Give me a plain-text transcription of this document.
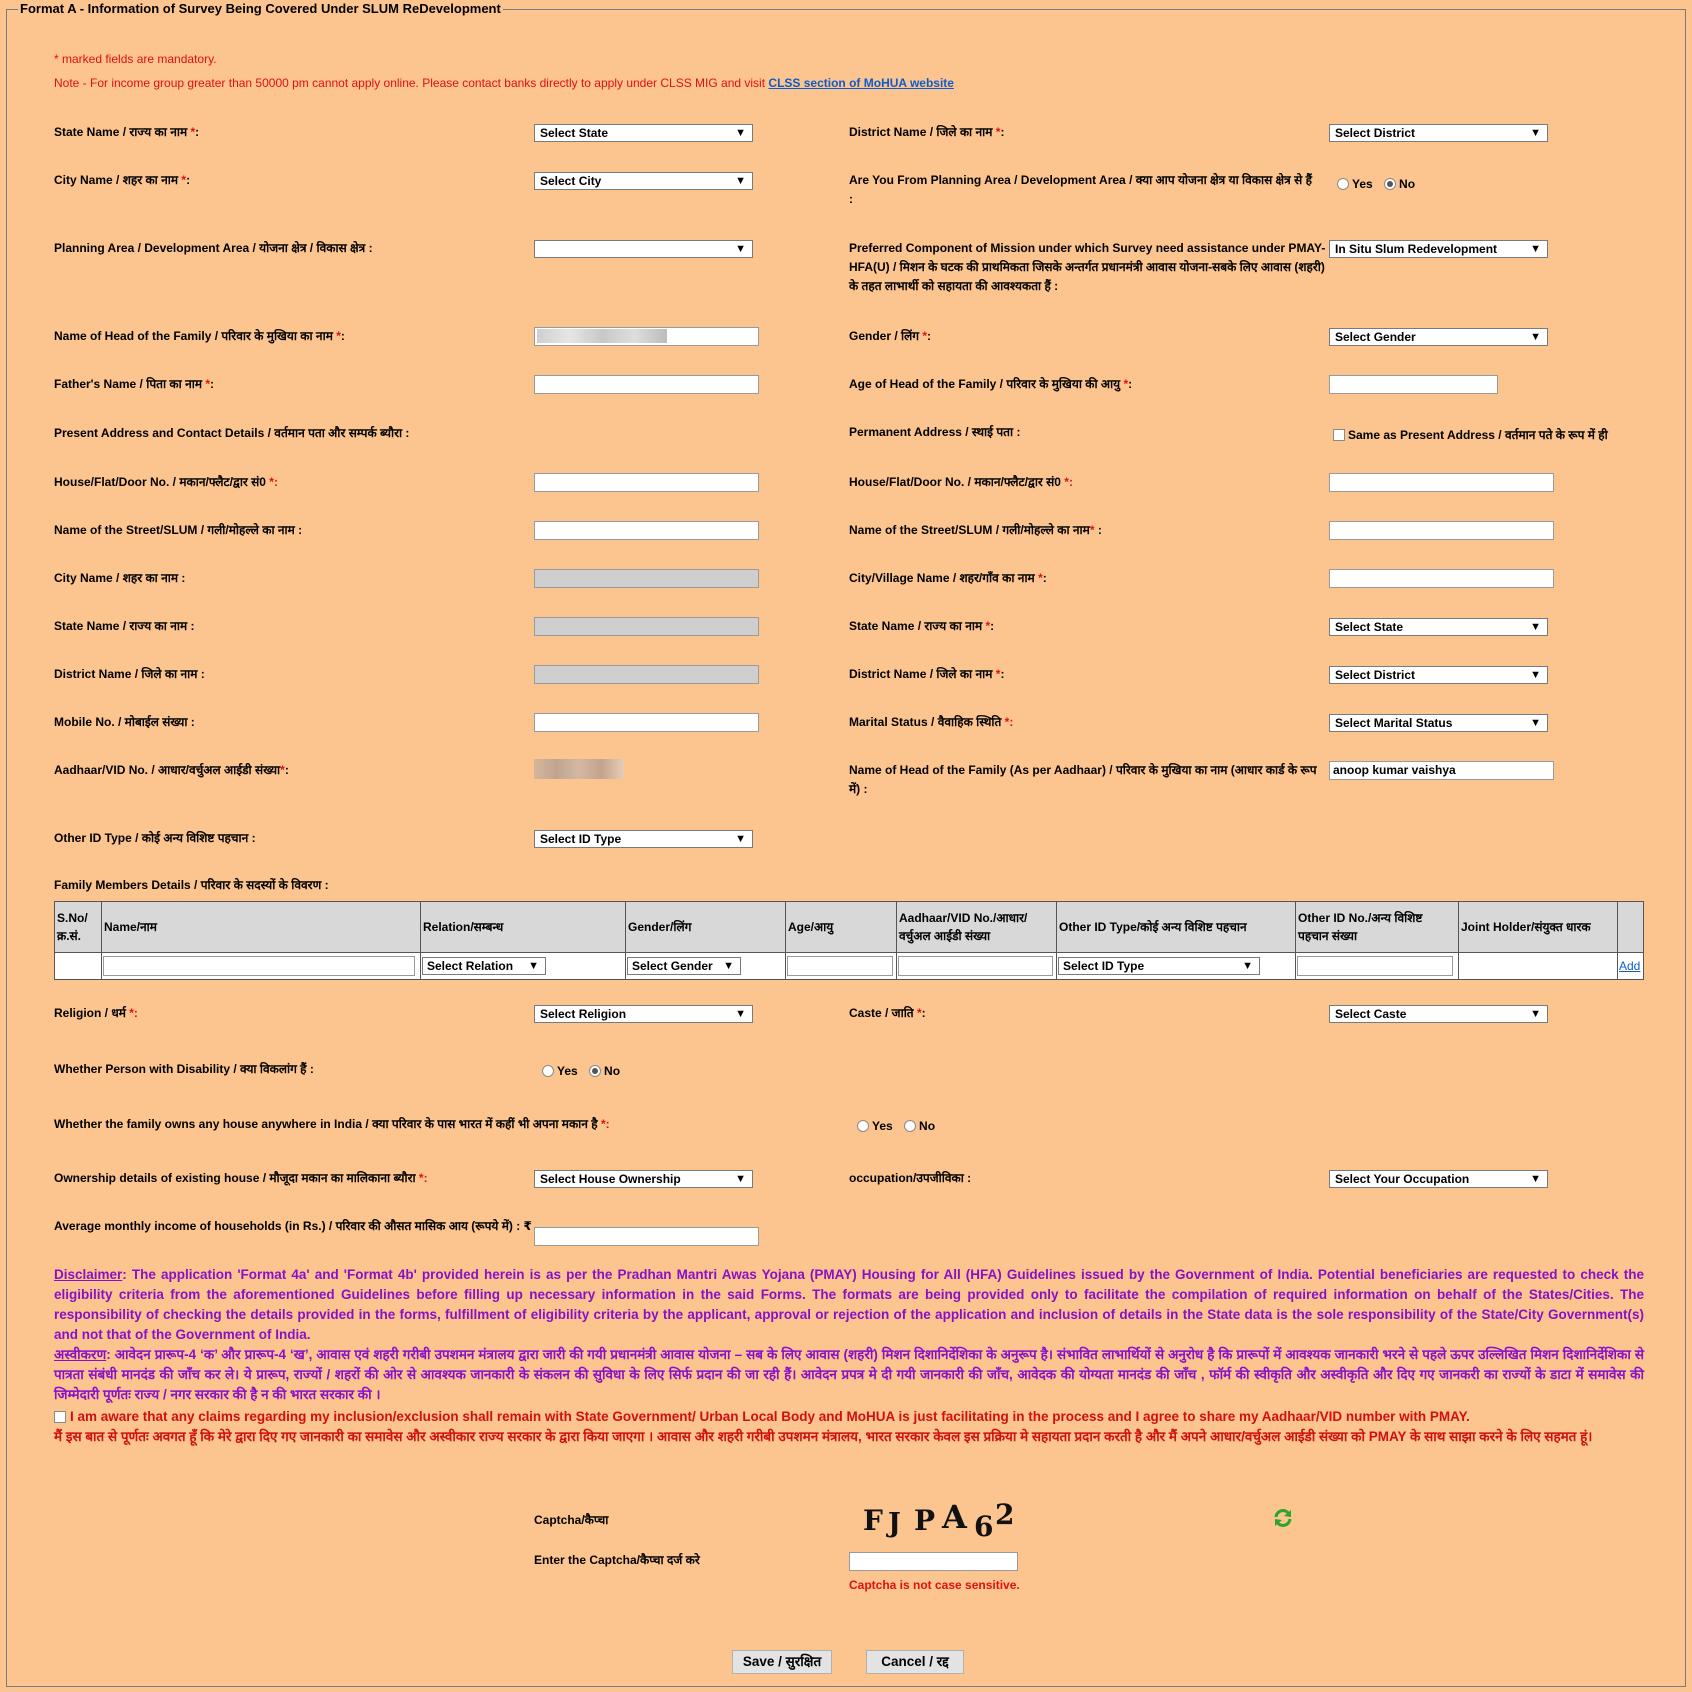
Format A - Information of Survey Being Covered Under SLUM ReDevelopment
* marked fields are mandatory.
Note - For income group greater than 50000 pm cannot apply online. Please contact banks directly to apply under CLSS MIG and visit CLSS section of MoHUA website
State Name / राज्य का नाम *:	Select State	▼	District Name / जिले का नाम *:	Select District	▼
City Name / शहर का नाम *:	Select City	▼	Are You From Planning Area / Development Area / क्या आप योजना क्षेत्र या विकास क्षेत्र से हैं :
Yes No
Planning Area / Development Area / योजना क्षेत्र / विकास क्षेत्र :	▼	Preferred Component of Mission under which Survey need assistance under PMAY-HFA(U) / मिशन के घटक की प्राथमिकता जिसके अन्तर्गत प्रधानमंत्री आवास योजना-सबके लिए आवास (शहरी) के तहत लाभार्थी को सहायता की आवश्यकता हैं :
In Situ Slum Redevelopment	▼
Name of Head of the Family / परिवार के मुखिया का नाम *:	Gender / लिंग *:	Select Gender	▼
Father's Name / पिता का नाम *:	Age of Head of the Family / परिवार के मुखिया की आयु *:
Present Address and Contact Details / वर्तमान पता और सम्पर्क ब्यौरा :	Permanent Address / स्थाई पता :	Same as Present Address / वर्तमान पते के रूप में ही
House/Flat/Door No. / मकान/फ्लैट/द्वार सं0 *:	House/Flat/Door No. / मकान/फ्लैट/द्वार सं0 *:
Name of the Street/SLUM / गली/मोहल्ले का नाम :	Name of the Street/SLUM / गली/मोहल्ले का नाम* :
City Name / शहर का नाम :	City/Village Name / शहर/गाँव का नाम *:
State Name / राज्य का नाम :	State Name / राज्य का नाम *:	Select State	▼
District Name / जिले का नाम :	District Name / जिले का नाम *:	Select District	▼
Mobile No. / मोबाईल संख्या :	Marital Status / वैवाहिक स्थिति *:	Select Marital Status	▼
Aadhaar/VID No. / आधार/वर्चुअल आईडी संख्या*:	Name of Head of the Family (As per Aadhaar) / परिवार के मुखिया का नाम (आधार कार्ड के रूप में) :
anoop kumar vaishya
Other ID Type / कोई अन्य विशिष्ट पहचान :	Select ID Type	▼
Family Members Details / परिवार के सदस्यों के विवरण :
S.No/ क्र.सं.	Name/नाम	Relation/सम्बन्ध	Gender/लिंग	Age/आयु	Aadhaar/VID No./आधार/ वर्चुअल आईडी संख्या	Other ID Type/कोई अन्य विशिष्ट पहचान	Other ID No./अन्य विशिष्ट पहचान संख्या	Joint Holder/संयुक्त धारक	

	Select Relation ▼	Select Gender ▼			Select ID Type ▼			Add
Religion / धर्म *:	Select Religion	▼	Caste / जाति *:	Select Caste	▼
Whether Person with Disability / क्या विकलांग हैं :	Yes No
Whether the family owns any house anywhere in India / क्या परिवार के पास भारत में कहीं भी अपना मकान है *:	Yes No
Ownership details of existing house / मौजूदा मकान का मालिकाना ब्यौरा *:	Select House Ownership	▼	occupation/उपजीविका :	Select Your Occupation	▼
Average monthly income of households (in Rs.) / परिवार की औसत मासिक आय (रूपये में) : ₹
Disclaimer: The application 'Format 4a' and 'Format 4b' provided herein is as per the Pradhan Mantri Awas Yojana (PMAY) Housing for All (HFA) Guidelines issued by the Government of India. Potential beneficiaries are requested to check the eligibility criteria from the aforementioned Guidelines before filling up necessary information in the said Forms. The formats are being provided only to facilitate the compilation of required information on behalf of the States/Cities. The responsibility of checking the details provided in the forms, fulfillment of eligibility criteria by the applicant, approval or rejection of the application and inclusion of details in the State data is the sole responsibility of the State/City Government(s) and not that of the Government of India.
अस्वीकरण: आवेदन प्रारूप-4 ‘क’ और प्रारूप-4 ‘ख’, आवास एवं शहरी गरीबी उपशमन मंत्रालय द्वारा जारी की गयी प्रधानमंत्री आवास योजना – सब के लिए आवास (शहरी) मिशन दिशानिर्देशिका के अनुरूप है। संभावित लाभार्थियों से अनुरोध है कि प्रारूपों में आवश्यक जानकारी भरने से पहले ऊपर उल्लिखित मिशन दिशानिर्देशिका से पात्रता संबंधी मानदंड की जाँच कर ले। ये प्रारूप, राज्यों / शहरों की ओर से आवश्यक जानकारी के संकलन की सुविधा के लिए सिर्फ प्रदान की जा रही हैं। आवेदन प्रपत्र मे दी गयी जानकारी की जाँच, आवेदक की योग्यता मानदंड की जाँच , फॉर्म की स्वीकृति और अस्वीकृति और दिए गए जानकरी का राज्यों के डाटा में समावेस की जिम्मेदारी पूर्णतः राज्य / नगर सरकार की है न की भारत सरकार की ।
I am aware that any claims regarding my inclusion/exclusion shall remain with State Government/ Urban Local Body and MoHUA is just facilitating in the process and I agree to share my Aadhaar/VID number with PMAY.
मैं इस बात से पूर्णतः अवगत हूँ कि मेरे द्वारा दिए गए जानकारी का समावेस और अस्वीकार राज्य सरकार के द्वारा किया जाएगा । आवास और शहरी गरीबी उपशमन मंत्रालय, भारत सरकार केवल इस प्रक्रिया मे सहायता प्रदान करती है और मैं अपने आधार/वर्चुअल आईडी संख्या को PMAY के साथ साझा करने के लिए सहमत हूं।
Captcha/कैप्चा	F J P A 6 2
Enter the Captcha/कैप्चा दर्ज करे
Captcha is not case sensitive.
Save / सुरक्षित	Cancel / रद्द
